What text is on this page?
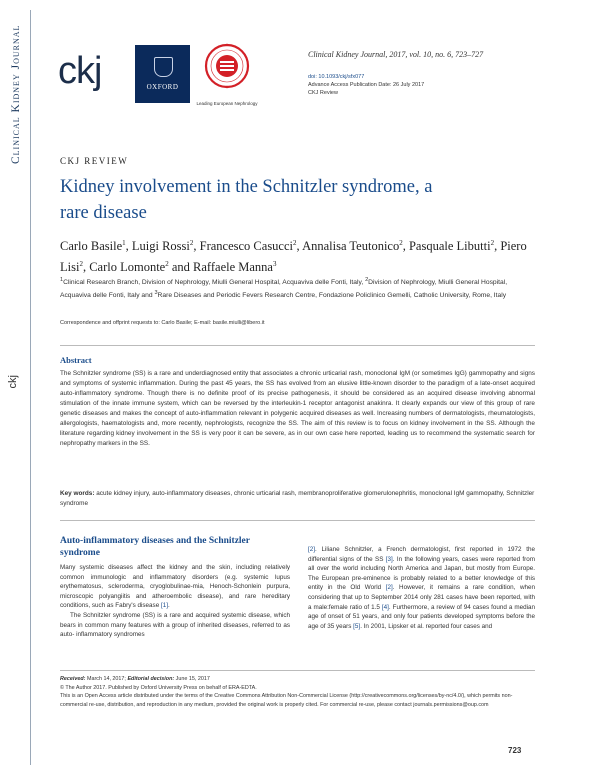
Clinical Kidney Journal
ckj
ckj	OXFORD
Leading European Nephrology
Clinical Kidney Journal, 2017, vol. 10, no. 6, 723–727
doi: 10.1093/ckj/sfx077
Advance Access Publication Date: 26 July 2017
CKJ Review
CKJ REVIEW
Kidney involvement in the Schnitzler syndrome, a rare disease
Carlo Basile$^1$, Luigi Rossi$^2$, Francesco Casucci$^2$, Annalisa Teutonico$^2$, Pasquale Libutti$^2$, Piero Lisi$^2$, Carlo Lomonte$^2$ and Raffaele Manna$^3$
$^1$Clinical Research Branch, Division of Nephrology, Miulli General Hospital, Acquaviva delle Fonti, Italy, $^2$Division of Nephrology, Miulli General Hospital, Acquaviva delle Fonti, Italy and $^3$Rare Diseases and Periodic Fevers Research Centre, Fondazione Policlinico Gemelli, Catholic University, Rome, Italy
Correspondence and offprint requests to: Carlo Basile; E-mail: basile.miulli@libero.it
Abstract
The Schnitzler syndrome (SS) is a rare and underdiagnosed entity that associates a chronic urticarial rash, monoclonal IgM (or sometimes IgG) gammopathy and signs and symptoms of systemic inflammation. During the past 45 years, the SS has evolved from an elusive little-known disorder to the paradigm of a late-onset acquired auto-inflammatory syndrome. Though there is no definite proof of its precise pathogenesis, it should be considered as an acquired disease involving abnormal stimulation of the innate immune system, which can be reversed by the interleukin-1 receptor antagonist anakinra. It clearly expands our view of this group of rare genetic diseases and makes the concept of auto-inflammation relevant in polygenic acquired diseases as well. Increasing numbers of dermatologists, rheumatologists, allergologists, haematologists and, more recently, nephrologists, recognize the SS. The aim of this review is to focus on kidney involvement in the SS. Although the literature regarding kidney involvement in the SS is very poor it can be severe, as in our own case here reported, leading us to recommend the systematic search for nephropathy markers in the SS.
Key words: acute kidney injury, auto-inflammatory diseases, chronic urticarial rash, membranoproliferative glomerulonephritis, monoclonal IgM gammopathy, Schnitzler syndrome
Auto-inflammatory diseases and the Schnitzler syndrome

Many systemic diseases affect the kidney and the skin, including relatively common immunologic and inflammatory disorders (e.g. systemic lupus erythematosus, scleroderma, cryoglobulinae-mia, Henoch-Schonlein purpura, microscopic polyangiitis and atheroembolic disease), and rare hereditary conditions, such as Fabry's disease [1].

The Schnitzler syndrome (SS) is a rare and acquired systemic disease, which bears in common many features with a group of inherited diseases, referred to as auto- inflammatory syndromes

[2]. Liliane Schnitzler, a French dermatologist, first reported in 1972 the differential signs of the SS [3]. In the following years, cases were reported from all over the world including North America and Japan, but mostly from Europe. The European pre-eminence is probably related to a better knowledge of this entity in the Old World [2]. However, it remains a rare condition, when considering that up to September 2014 only 281 cases have been reported, with a male:female ratio of 1.5 [4]. Furthermore, a review of 94 cases found a median age of onset of 51 years, and only four patients developed symptoms before the age of 35 years [5]. In 2001, Lipsker et al. reported four cases and

Received: March 14, 2017; Editorial decision: June 15, 2017
© The Author 2017. Published by Oxford University Press on behalf of ERA-EDTA.
This is an Open Access article distributed under the terms of the Creative Commons Attribution Non-Commercial License (http://creativecommons.org/licenses/by-nc/4.0/), which permits non-commercial re-use, distribution, and reproduction in any medium, provided the original work is properly cited. For commercial re-use, please contact journals.permissions@oup.com
723
